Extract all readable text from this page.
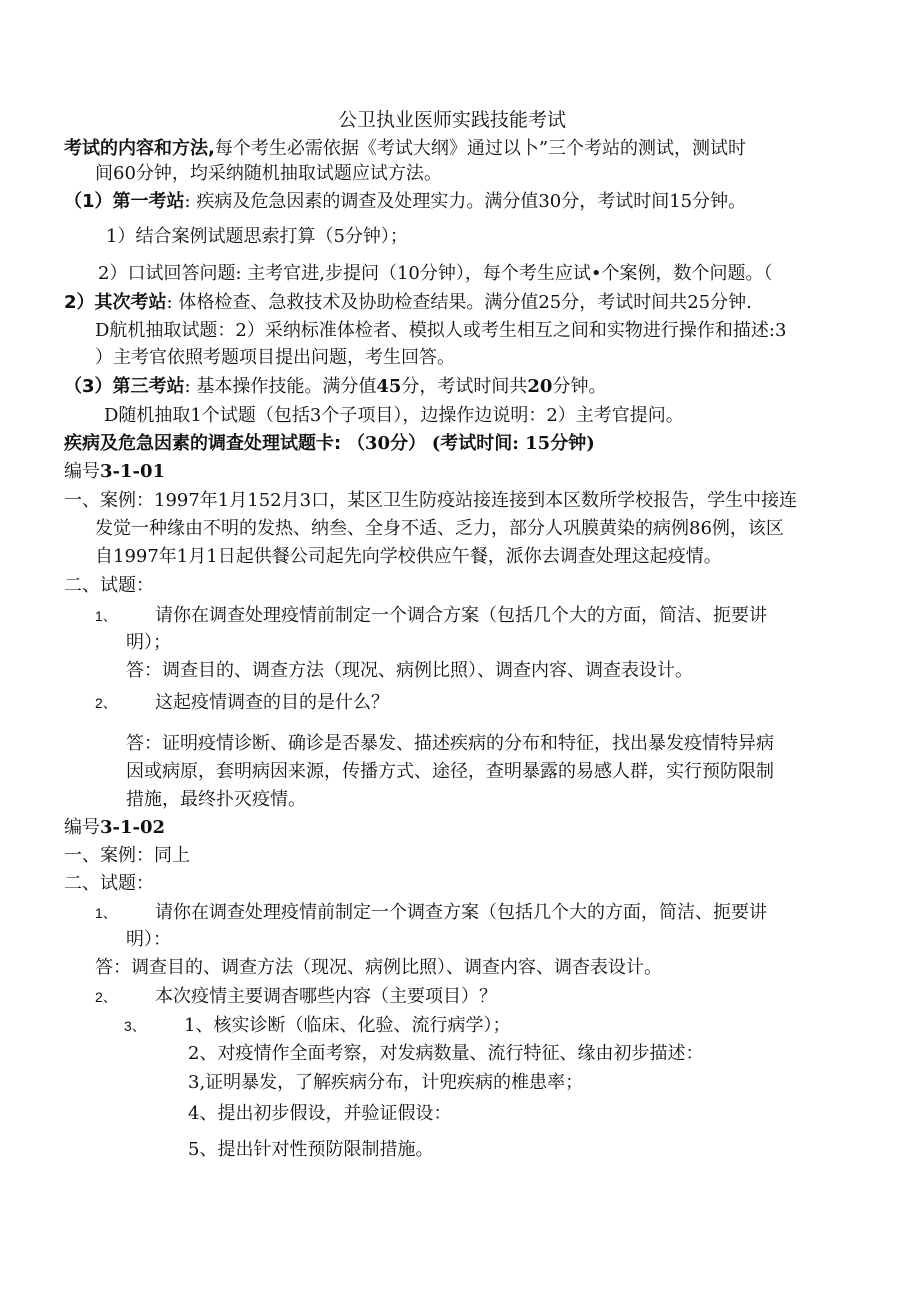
公卫执业医师实践技能考试
考试的内容和方法,每个考生必需依据《考试大纲》通过以卜”三个考站的测试，测试时
间60分钟，均采纳随机抽取试题应试方法。
（1）第一考站: 疾病及危急因素的调查及处理实力。满分值30分，考试时间15分钟。
1）结合案例试题思索打算（5分钟）；
2）口试回答问题: 主考官进,步提问（10分钟），每个考生应试•个案例，数个问题。（
2）其次考站: 体格检查、急救技术及协助检查结果。满分值25分，考试时间共25分钟.
D航机抽取试题：2）采纳标准体检者、模拟人或考生相互之间和实物进行操作和描述:3
）主考官依照考题项目提出问题，考生回答。
（3）第三考站: 基本操作技能。满分值45分，考试时间共20分钟。
D随机抽取1个试题（包括3个子项目），边操作边说明：2）主考官提问。
疾病及危急因素的调查处理试题卡: （30分） (考试时间: 15分钟)
编号3-1-01
一、案例：1997年1月152月3口，某区卫生防疫站接连接到本区数所学校报告，学生中接连
发觉一种缘由不明的发热、纳叁、全身不适、乏力，部分人巩膜黄染的病例86例，该区
自1997年1月1日起供餐公司起先向学校供应午餐，派你去调查处理这起疫情。
二、试题：
1、 请你在调查处理疫情前制定一个调合方案（包括几个大的方面，简洁、扼要讲
明）；
答：调查目的、调查方法（现况、病例比照）、调查内容、调查表设计。
2、 这起疫情调查的目的是什么？
答：证明疫情诊断、确诊是否暴发、描述疾病的分布和特征，找出暴发疫情特异病
因或病原，套明病因来源，传播方式、途径，查明暴露的易感人群，实行预防限制
措施，最终扑灭疫情。
编号3-1-02
一、案例：同上
二、试题：
1、 请你在调查处理疫情前制定一个调查方案（包括几个大的方面，简洁、扼要讲
明）：
答：调查目的、调查方法（现况、病例比照）、调查内容、调杳表设计。
2、 本次疫情主要调杳哪些内容（主要项目）？
3、 1、核实诊断（临床、化验、流行病学）；
2、对疫情作全面考察，对发病数量、流行特征、缘由初步描述：
3,证明暴发，了解疾病分布，计兜疾病的椎患率；
4、提出初步假设，并验证假设：
5、提出针对性预防限制措施。
